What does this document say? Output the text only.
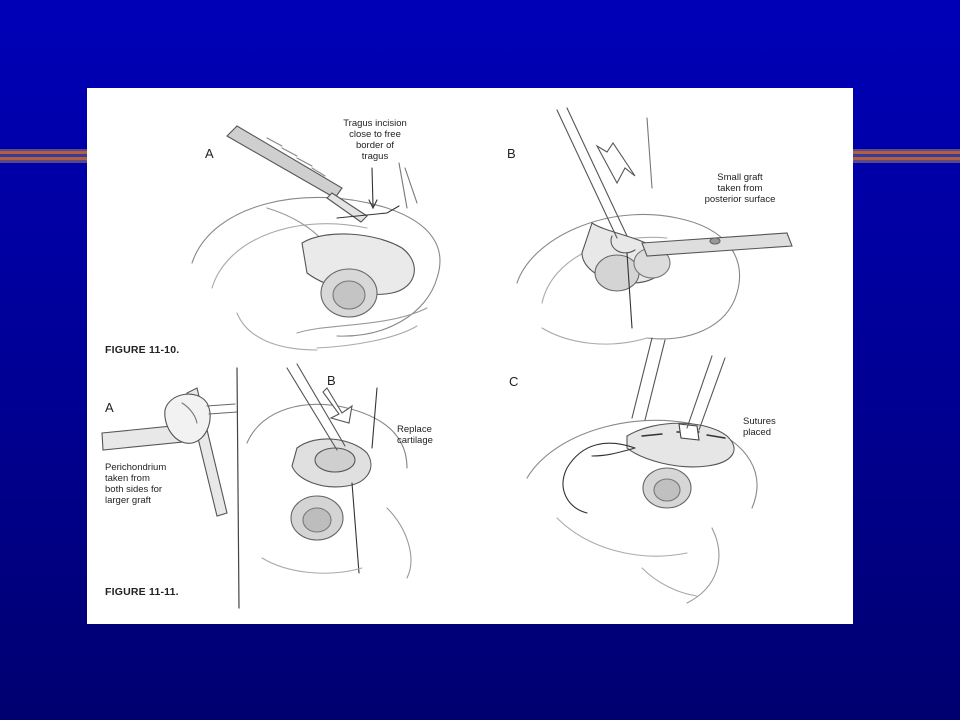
A
Tragus incision
close to free
border of
tragus	B
Small graft
taken from
posterior surface
FIGURE 11-10.
A
Perichondrium
taken from
both sides for
larger graft
B
Replace
cartilage
C
Sutures
placed
FIGURE 11-11.
